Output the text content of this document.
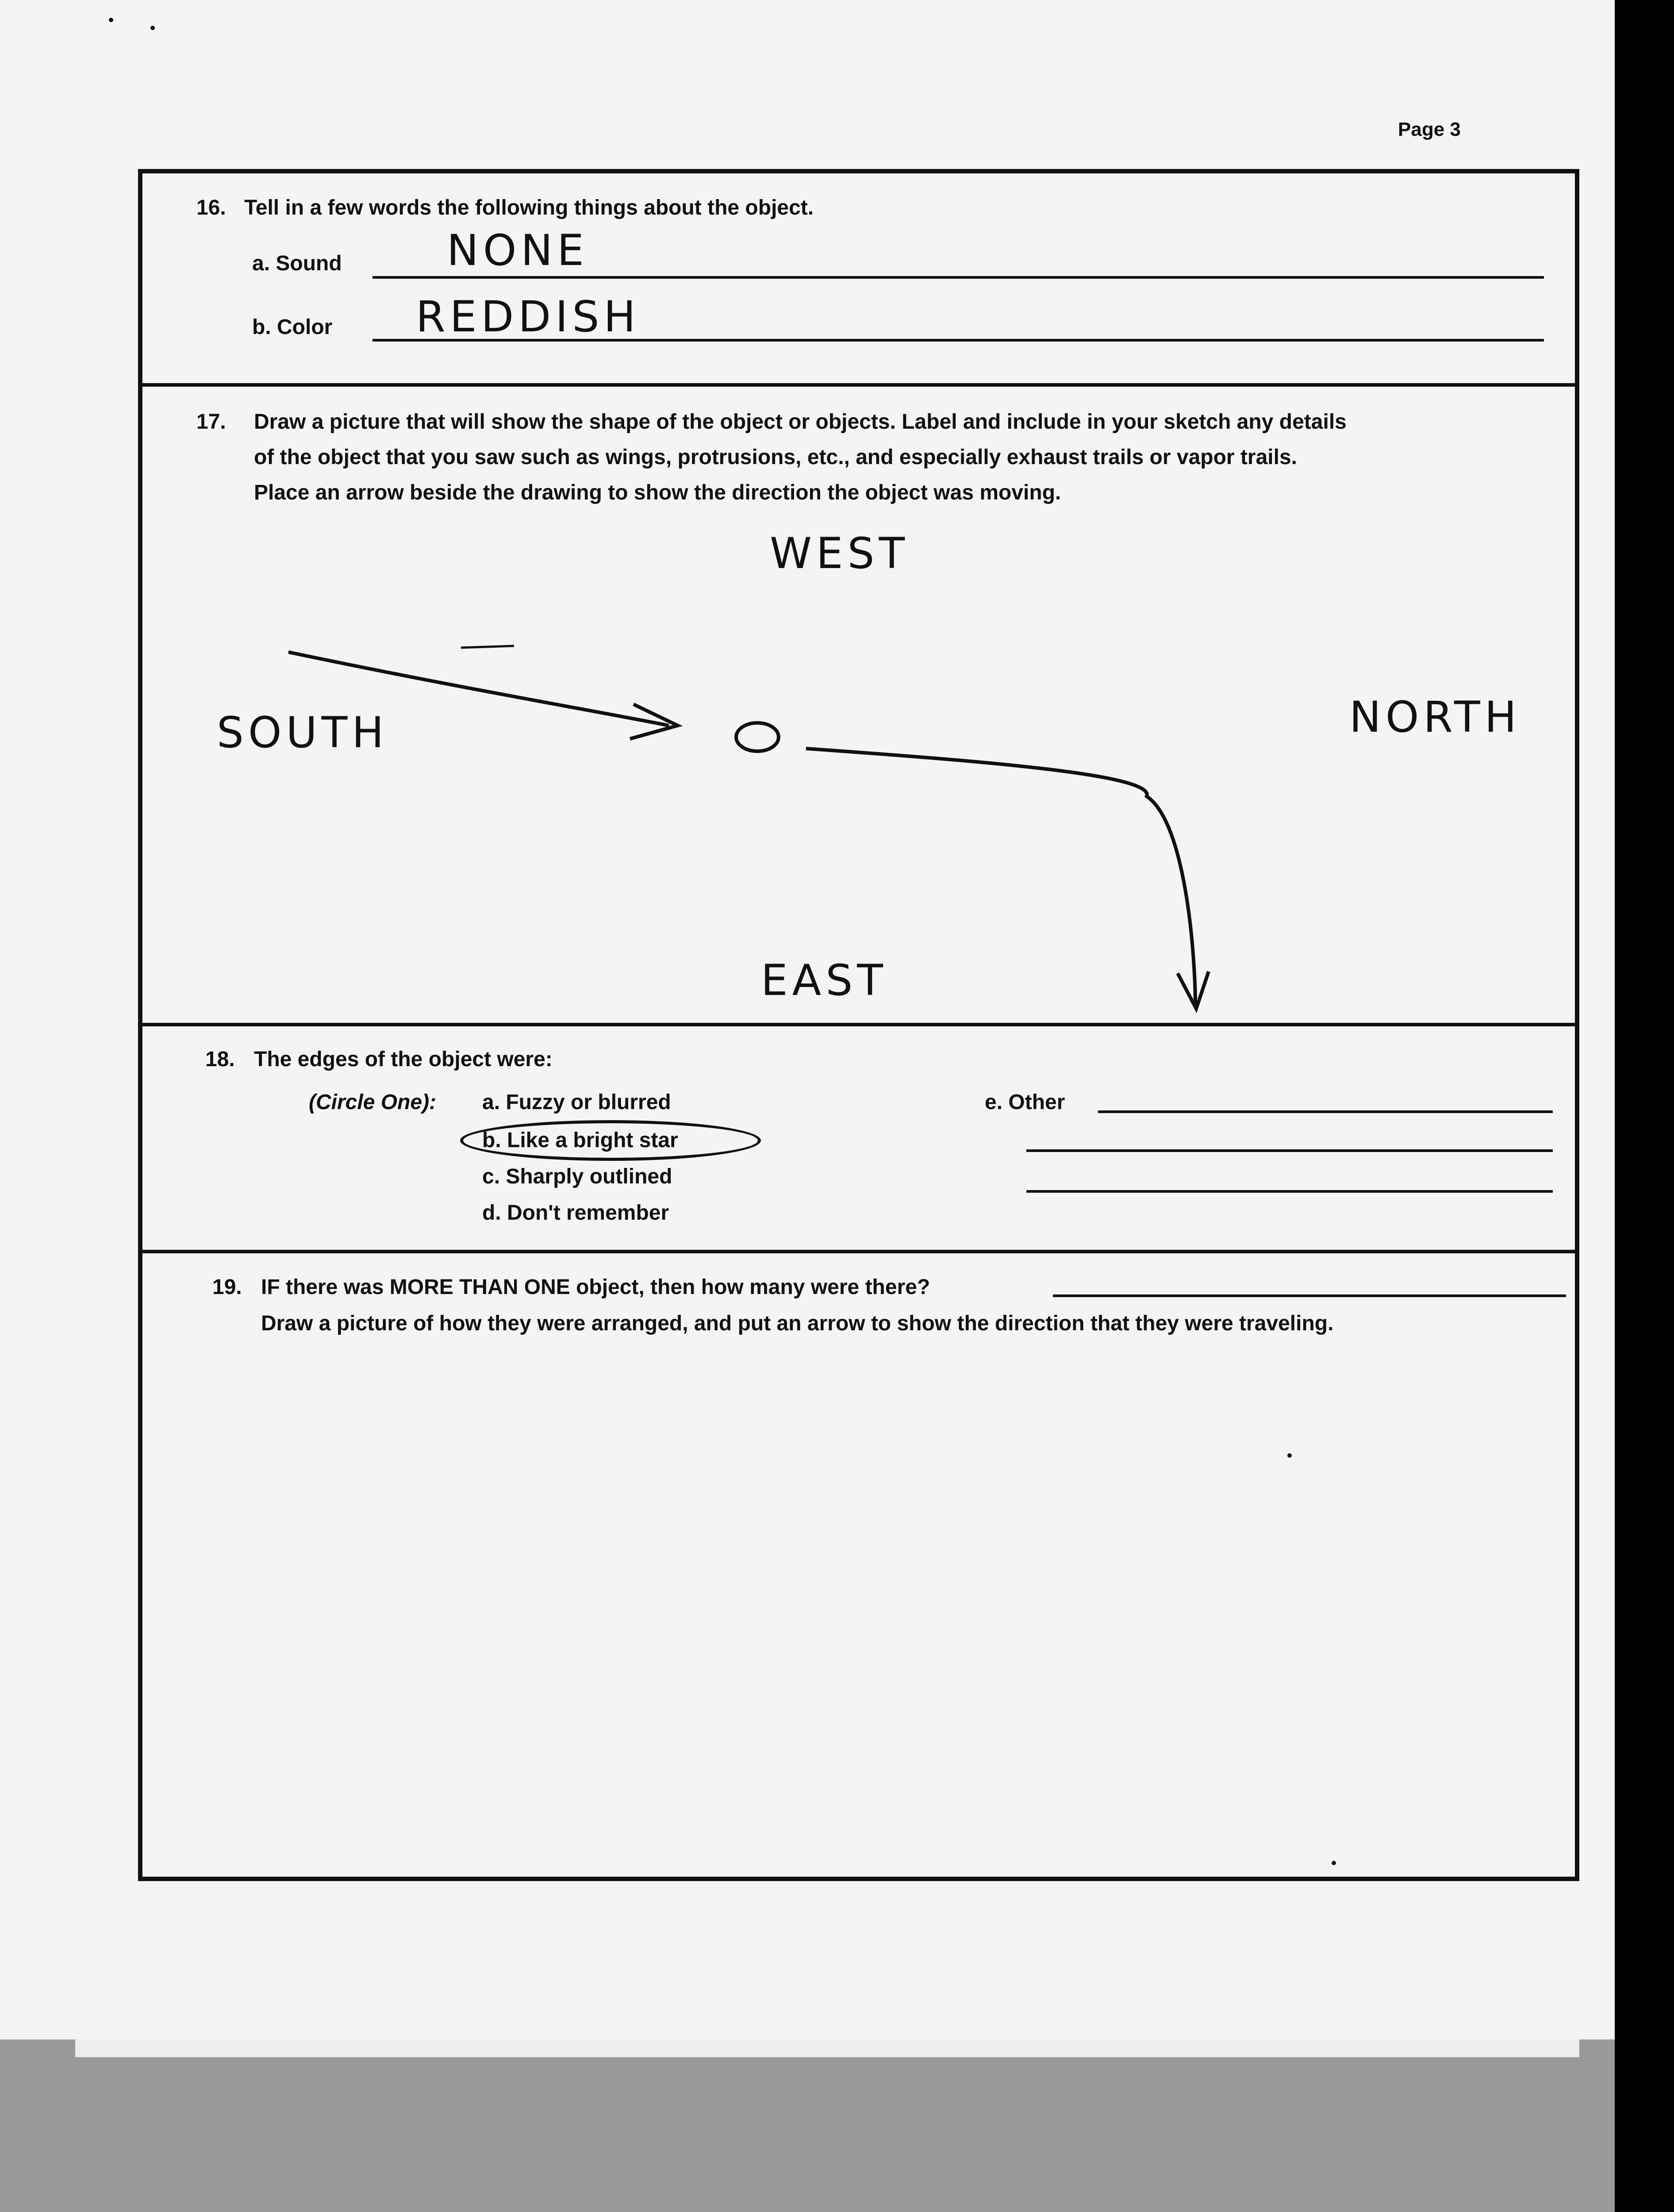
Page 3
16. Tell in a few words the following things about the object.
a. Sound NONE
b. Color REDDISH
17. Draw a picture that will show the shape of the object or objects. Label and include in your sketch any details
of the object that you saw such as wings, protrusions, etc., and especially exhaust trails or vapor trails.
Place an arrow beside the drawing to show the direction the object was moving.
WEST
SOUTH	NORTH
EAST
18. The edges of the object were:
(Circle One): a. Fuzzy or blurred
b. Like a bright star
c. Sharply outlined
d. Don't remember
e. Other
19. IF there was MORE THAN ONE object, then how many were there?
Draw a picture of how they were arranged, and put an arrow to show the direction that they were traveling.
